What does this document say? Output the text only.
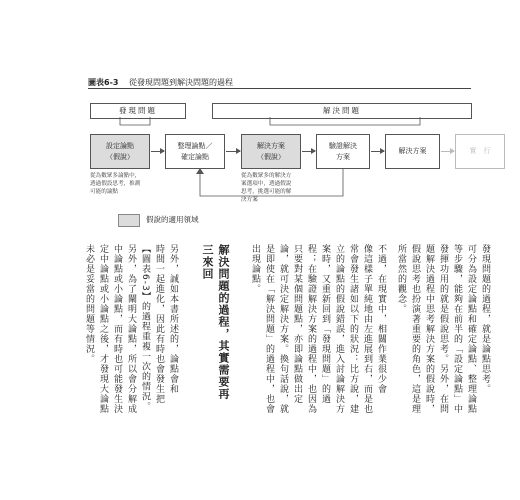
圖表6-3 從發現問題到解決問題的過程
發現問題	解決問題
設定論點
（假說）
整理論點／
確定論點
解決方案
（假說）
驗證解決
方案
解決方案	實　行
從為數眾多論點中，
透過假設思考，推測
可能的論點
從為數眾多的解決方
案選項中，透過假說
思考，挑選可能的解
決方案
假說的適用領域
發現問題的過程，就是論點思考。
可分為設定論點和確定論點、整理論點
等步驟，能夠在前半的「設定論點」中
發揮功用的就是假說思考。另外，在問
題解決過程中思考解決方案的假說時，
假說思考也扮演著重要的角色，這是理
所當然的觀念。
不過，在現實中，相關作業很少會
像這樣子單純地由左進展到右，而是也
常會發生諸如以下的狀況：比方說，建
立的論點的假說錯誤，進入討論解決方
案時，又重新回到「發現問題」的過
程；在驗證解決方案的過程中，也因為
只要對某個問題點，亦即論點做出定
論，就可決定解決方案。換句話說，就
是即使在「解決問題」的過程中，也會
出現論點。
解決問題的過程，其實需要再
三來回
另外，誠如本書所述的，論點會和
時間一起進化，因此有時也會發生把
【圖表6-3】的過程重複一次的情況。
另外，為了闡明大論點，所以會分解成
中論點或小論點，而有時也可能發生決
定中論點或小論點之後，才發現大論點
未必是妥當的問題等情況。
